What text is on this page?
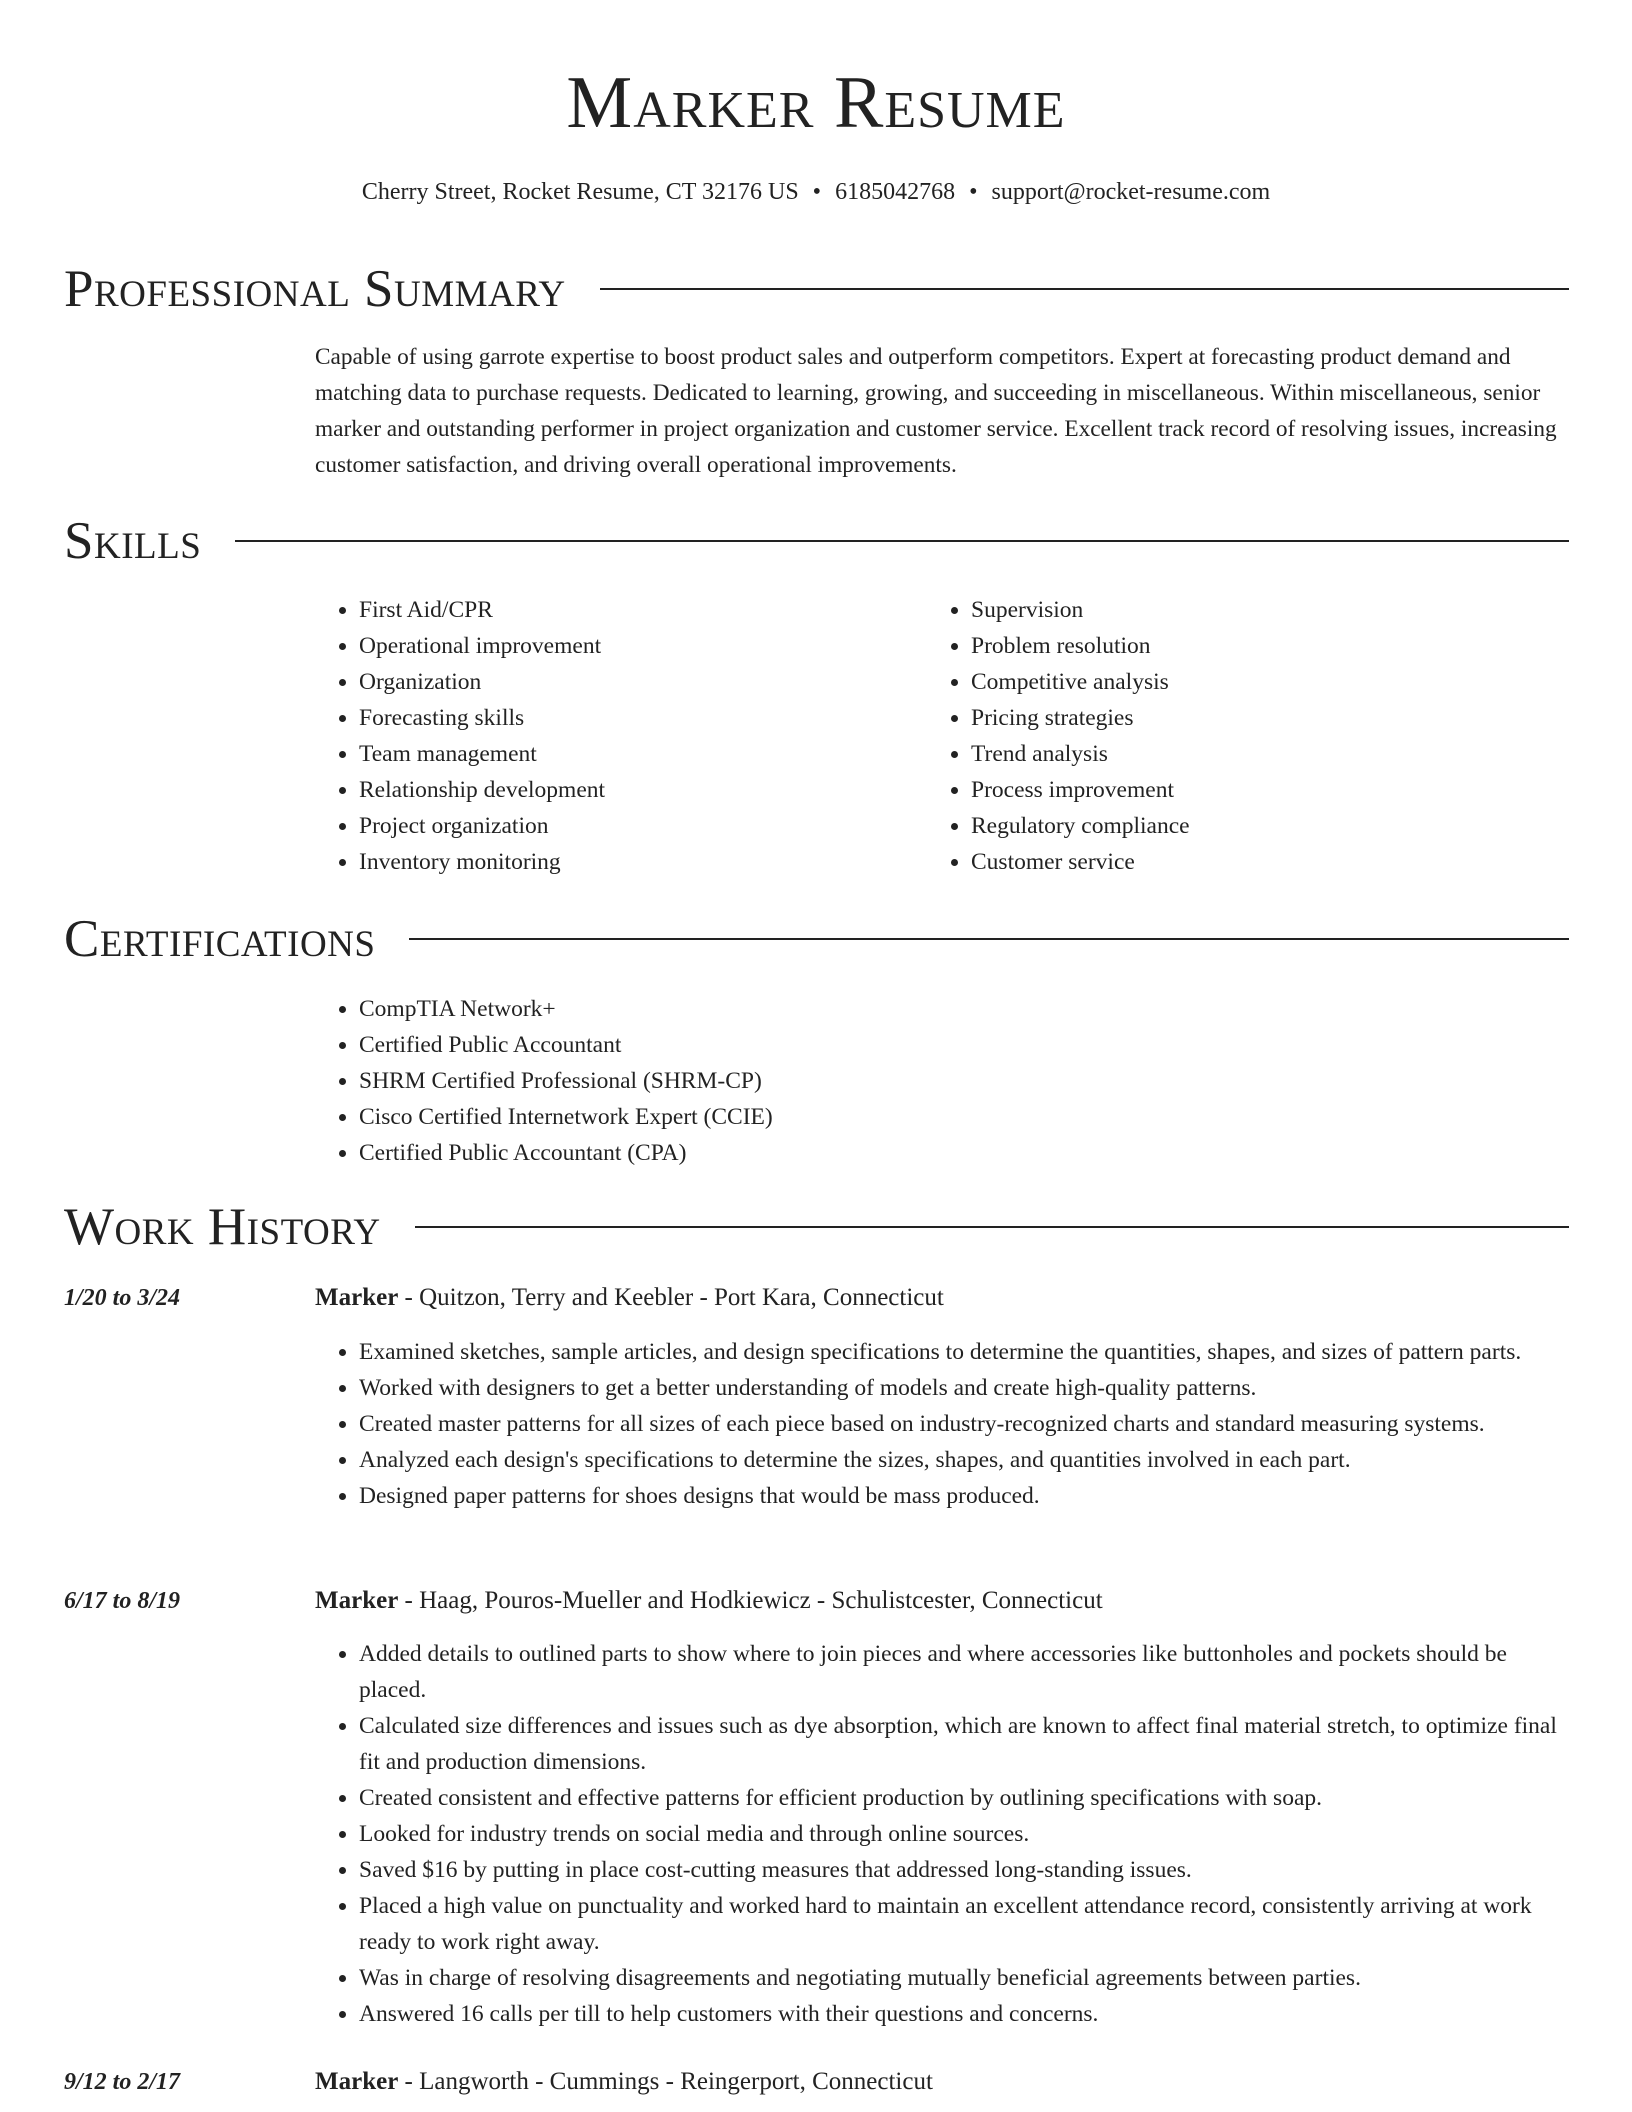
Marker Resume
Cherry Street, Rocket Resume, CT 32176 US • 6185042768 • support@rocket-resume.com
Professional Summary

Capable of using garrote expertise to boost product sales and outperform competitors. Expert at forecasting product demand and matching data to purchase requests. Dedicated to learning, growing, and succeeding in miscellaneous. Within miscellaneous, senior marker and outstanding performer in project organization and customer service. Excellent track record of resolving issues, increasing customer satisfaction, and driving overall operational improvements.

Skills
• First Aid/CPR
• Operational improvement
• Organization
• Forecasting skills
• Team management
• Relationship development
• Project organization
• Inventory monitoring
• Supervision
• Problem resolution
• Competitive analysis
• Pricing strategies
• Trend analysis
• Process improvement
• Regulatory compliance
• Customer service
Certifications
• CompTIA Network+
• Certified Public Accountant
• SHRM Certified Professional (SHRM-CP)
• Cisco Certified Internetwork Expert (CCIE)
• Certified Public Accountant (CPA)
Work History
1/20 to 3/24	Marker - Quitzon, Terry and Keebler - Port Kara, Connecticut
• Examined sketches, sample articles, and design specifications to determine the quantities, shapes, and sizes of pattern parts.
• Worked with designers to get a better understanding of models and create high-quality patterns.
• Created master patterns for all sizes of each piece based on industry-recognized charts and standard measuring systems.
• Analyzed each design's specifications to determine the sizes, shapes, and quantities involved in each part.
• Designed paper patterns for shoes designs that would be mass produced.
6/17 to 8/19	Marker - Haag, Pouros-Mueller and Hodkiewicz - Schulistcester, Connecticut
• Added details to outlined parts to show where to join pieces and where accessories like buttonholes and pockets should be placed.
• Calculated size differences and issues such as dye absorption, which are known to affect final material stretch, to optimize final fit and production dimensions.
• Created consistent and effective patterns for efficient production by outlining specifications with soap.
• Looked for industry trends on social media and through online sources.
• Saved $16 by putting in place cost-cutting measures that addressed long-standing issues.
• Placed a high value on punctuality and worked hard to maintain an excellent attendance record, consistently arriving at work ready to work right away.
• Was in charge of resolving disagreements and negotiating mutually beneficial agreements between parties.
• Answered 16 calls per till to help customers with their questions and concerns.
9/12 to 2/17	Marker - Langworth - Cummings - Reingerport, Connecticut
